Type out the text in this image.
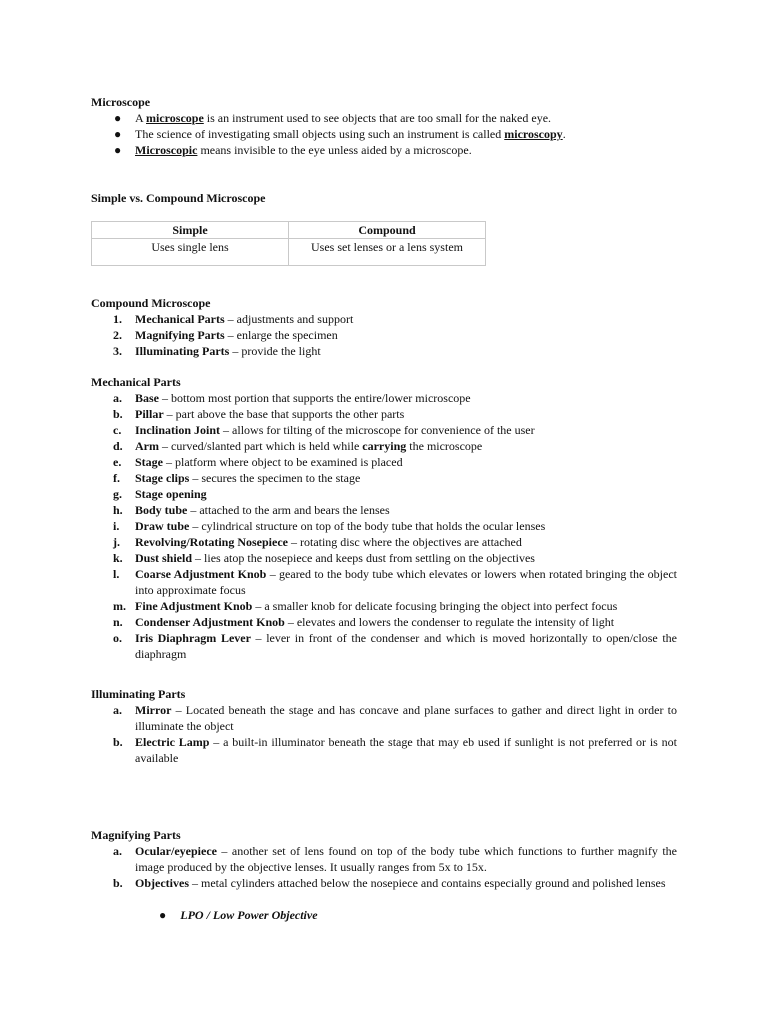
Microscope
● A microscope is an instrument used to see objects that are too small for the naked eye.
● The science of investigating small objects using such an instrument is called microscopy.
● Microscopic means invisible to the eye unless aided by a microscope.
Simple vs. Compound Microscope
Simple	Compound
Uses single lens	Uses set lenses or a lens system
Compound Microscope
1. Mechanical Parts – adjustments and support
2. Magnifying Parts – enlarge the specimen
3. Illuminating Parts – provide the light
Mechanical Parts
a. Base – bottom most portion that supports the entire/lower microscope
b. Pillar – part above the base that supports the other parts
c. Inclination Joint – allows for tilting of the microscope for convenience of the user
d. Arm – curved/slanted part which is held while carrying the microscope
e. Stage – platform where object to be examined is placed
f. Stage clips – secures the specimen to the stage
g. Stage opening
h. Body tube – attached to the arm and bears the lenses
i. Draw tube – cylindrical structure on top of the body tube that holds the ocular lenses
j. Revolving/Rotating Nosepiece – rotating disc where the objectives are attached
k. Dust shield – lies atop the nosepiece and keeps dust from settling on the objectives
l. Coarse Adjustment Knob – geared to the body tube which elevates or lowers when rotated bringing the object into approximate focus
m. Fine Adjustment Knob – a smaller knob for delicate focusing bringing the object into perfect focus
n. Condenser Adjustment Knob – elevates and lowers the condenser to regulate the intensity of light
o. Iris Diaphragm Lever – lever in front of the condenser and which is moved horizontally to open/close the diaphragm
Illuminating Parts
a. Mirror – Located beneath the stage and has concave and plane surfaces to gather and direct light in order to illuminate the object
b. Electric Lamp – a built-in illuminator beneath the stage that may eb used if sunlight is not preferred or is not available
Magnifying Parts
a. Ocular/eyepiece – another set of lens found on top of the body tube which functions to further magnify the image produced by the objective lenses. It usually ranges from 5x to 15x.
b. Objectives – metal cylinders attached below the nosepiece and contains especially ground and polished lenses
● LPO / Low Power Objective
